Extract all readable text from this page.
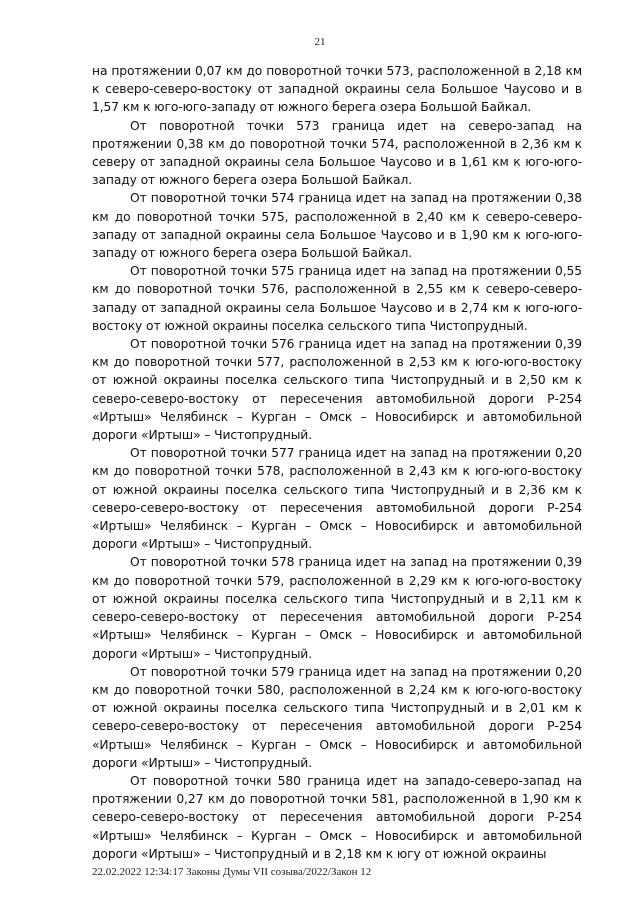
21

на протяжении 0,07 км до поворотной точки 573, расположенной в 2,18 км к северо-северо-востоку от западной окраины села Большое Чаусово и в 1,57 км к юго-юго-западу от южного берега озера Большой Байкал.

От поворотной точки 573 граница идет на северо-запад на протяжении 0,38 км до поворотной точки 574, расположенной в 2,36 км к северу от западной окраины села Большое Чаусово и в 1,61 км к юго-юго-западу от южного берега озера Большой Байкал.

От поворотной точки 574 граница идет на запад на протяжении 0,38 км до поворотной точки 575, расположенной в 2,40 км к северо-северо-западу от западной окраины села Большое Чаусово и в 1,90 км к юго-юго-западу от южного берега озера Большой Байкал.

От поворотной точки 575 граница идет на запад на протяжении 0,55 км до поворотной точки 576, расположенной в 2,55 км к северо-северо-западу от западной окраины села Большое Чаусово и в 2,74 км к юго-юго-востоку от южной окраины поселка сельского типа Чистопрудный.

От поворотной точки 576 граница идет на запад на протяжении 0,39 км до поворотной точки 577, расположенной в 2,53 км к юго-юго-востоку от южной окраины поселка сельского типа Чистопрудный и в 2,50 км к северо-северо-востоку от пересечения автомобильной дороги Р-254 «Иртыш» Челябинск – Курган – Омск – Новосибирск и автомобильной дороги «Иртыш» – Чистопрудный.

От поворотной точки 577 граница идет на запад на протяжении 0,20 км до поворотной точки 578, расположенной в 2,43 км к юго-юго-востоку от южной окраины поселка сельского типа Чистопрудный и в 2,36 км к северо-северо-востоку от пересечения автомобильной дороги Р-254 «Иртыш» Челябинск – Курган – Омск – Новосибирск и автомобильной дороги «Иртыш» – Чистопрудный.

От поворотной точки 578 граница идет на запад на протяжении 0,39 км до поворотной точки 579, расположенной в 2,29 км к юго-юго-востоку от южной окраины поселка сельского типа Чистопрудный и в 2,11 км к северо-северо-востоку от пересечения автомобильной дороги Р-254 «Иртыш» Челябинск – Курган – Омск – Новосибирск и автомобильной дороги «Иртыш» – Чистопрудный.

От поворотной точки 579 граница идет на запад на протяжении 0,20 км до поворотной точки 580, расположенной в 2,24 км к юго-юго-востоку от южной окраины поселка сельского типа Чистопрудный и в 2,01 км к северо-северо-востоку от пересечения автомобильной дороги Р-254 «Иртыш» Челябинск – Курган – Омск – Новосибирск и автомобильной дороги «Иртыш» – Чистопрудный.

От поворотной точки 580 граница идет на западо-северо-запад на протяжении 0,27 км до поворотной точки 581, расположенной в 1,90 км к северо-северо-востоку от пересечения автомобильной дороги Р-254 «Иртыш» Челябинск – Курган – Омск – Новосибирск и автомобильной дороги «Иртыш» – Чистопрудный и в 2,18 км к югу от южной окраины

22.02.2022 12:34:17 Законы Думы VII созыва/2022/Закон 12
